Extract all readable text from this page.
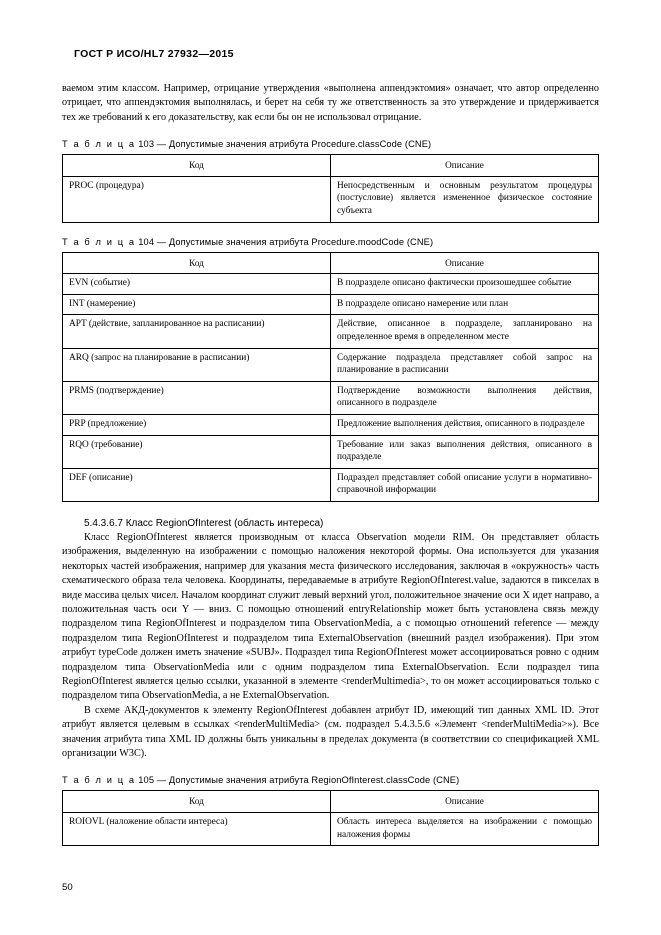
ГОСТ Р ИСО/HL7 27932—2015

ваемом этим классом. Например, отрицание утверждения «выполнена аппендэктомия» означает, что автор определенно отрицает, что аппендэктомия выполнялась, и берет на себя ту же ответственность за это утверждение и придерживается тех же требований к его доказательству, как если бы он не использовал отрицание.

Т а б л и ц а 103 — Допустимые значения атрибута Procedure.classCode (CNE)
Код	Описание
PROC (процедура)	Непосредственным и основным результатом процедуры (постусловие) является измененное физическое состояние субъекта
Т а б л и ц а 104 — Допустимые значения атрибута Procedure.moodCode (CNE)
Код	Описание
EVN (событие)	В подразделе описано фактически произошедшее событие
INT (намерение)	В подразделе описано намерение или план
APT (действие, запланированное на расписании)	Действие, описанное в подразделе, запланировано на определенное время в определенном месте
ARQ (запрос на планирование в расписании)	Содержание подраздела представляет собой запрос на планирование в расписании
PRMS (подтверждение)	Подтверждение возможности выполнения действия, описанного в подразделе
PRP (предложение)	Предложение выполнения действия, описанного в подразделе
RQO (требование)	Требование или заказ выполнения действия, описанного в подразделе
DEF (описание)	Подраздел представляет собой описание услуги в нормативно-справочной информации
5.4.3.6.7 Класс RegionOfInterest (область интереса)

Класс RegionOfInterest является производным от класса Observation модели RIM. Он представляет область изображения, выделенную на изображении с помощью наложения некоторой формы. Она используется для указания некоторых частей изображения, например для указания места физического исследования, заключая в «окружность» часть схематического образа тела человека. Координаты, передаваемые в атрибуте RegionOfInterest.value, задаются в пикселах в виде массива целых чисел. Началом координат служит левый верхний угол, положительное значение оси X идет направо, а положительная часть оси Y — вниз. С помощью отношений entryRelationship может быть установлена связь между подразделом типа RegionOfInterest и подразделом типа ObservationMedia, а с помощью отношений reference — между подразделом типа RegionOfInterest и подразделом типа ExternalObservation (внешний раздел изображения). При этом атрибут typeCode должен иметь значение «SUBJ». Подраздел типа RegionOfInterest может ассоциироваться ровно с одним подразделом типа ObservationMedia или с одним подразделом типа ExternalObservation. Если подраздел типа RegionOfInterest является целью ссылки, указанной в элементе <renderMultimedia>, то он может ассоциироваться только с подразделом типа ObservationMedia, а не ExternalObservation.

В схеме АКД-документов к элементу RegionOfInterest добавлен атрибут ID, имеющий тип данных XML ID. Этот атрибут является целевым в ссылках <renderMultiMedia> (см. подраздел 5.4.3.5.6 «Элемент <renderMultiMedia>»). Все значения атрибута типа XML ID должны быть уникальны в пределах документа (в соответствии со спецификацией XML организации W3C).

Т а б л и ц а 105 — Допустимые значения атрибута RegionOfInterest.classCode (CNE)
Код	Описание
ROIOVL (наложение области интереса)	Область интереса выделяется на изображении с помощью наложения формы
50
